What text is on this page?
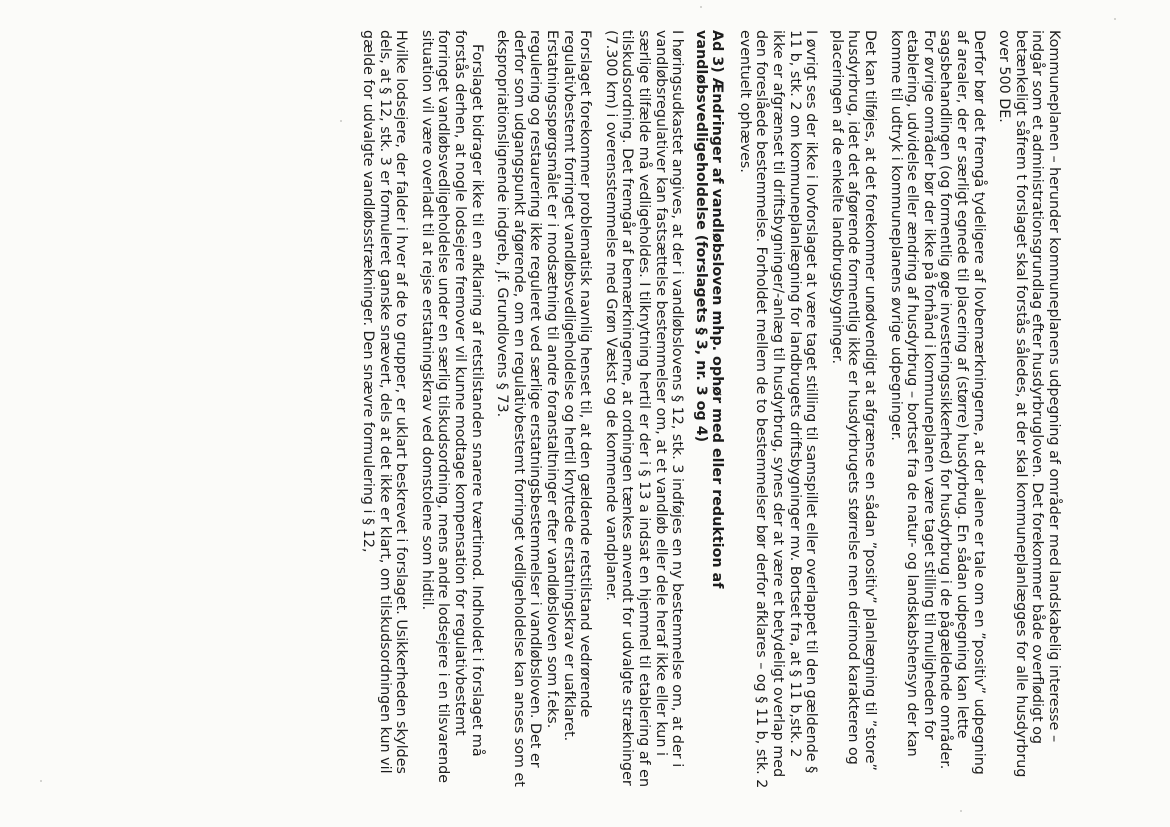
Kommuneplanen – herunder kommuneplanens udpegning af områder med landskabelig interesse – indgår som et administrationsgrundlag efter husdyrbrugloven. Det forekommer både overflødigt og betænkeligt såfrem t forslaget skal forstås således, at der skal kommuneplanlægges for alle husdyrbrug over 500 DE.

Derfor bør det fremgå tydeligere af lovbemærkningerne, at der alene er tale om en ”positiv” udpegning af arealer, der er særligt egnede til placering af (større) husdyrbrug. En sådan udpegning kan lette sagsbehandlingen (og formentlig øge investeringssikkerhed) for husdyrbrug i de pågældende områder. For øvrige områder bør der ikke på forhånd i kommuneplanen være taget stilling til muligheden for etablering, udvidelse eller ændring af husdyrbrug – bortset fra de natur- og landskabshensyn der kan komme til udtryk i kommuneplanens øvrige udpegninger.

Det kan tilføjes, at det forekommer unødvendigt at afgrænse en sådan ”positiv” planlægning til ”store” husdyrbrug, idet det afgørende formentlig ikke er husdyrbrugets størrelse men derimod karakteren og placeringen af de enkelte landbrugsbygninger.

I øvrigt ses der ikke i lovforslaget at være taget stilling til samspillet eller overlappet til den gældende § 11 b, stk. 2 om kommuneplanlægning for landbrugets driftsbygninger mv. Bortset fra, at § 11 b,stk. 2 ikke er afgrænset til driftsbygninger/-anlæg til husdyrbrug, synes der at være et betydeligt overlap med den foreslåede bestemmelse. Forholdet mellem de to bestemmelser bør derfor afklares – og § 11 b, stk. 2 eventuelt ophæves.

Ad 3) Ændringer af vandløbsloven mhp. ophør med eller reduktion af vandløbsvedligeholdelse (forslagets § 3, nr. 3 og 4)

I høringsudkastet angives, at der i vandløbslovens § 12, stk. 3 indføjes en ny bestemmelse om, at der i vandløbsregulativer kan fastsættelse bestemmelser om, at et vandløb eller dele heraf ikke eller kun i særlige tilfælde må vedligeholdes. I tilknytning hertil er der i § 13 a indsat en hjemmel til etablering af en tilskudsordning. Det fremgår af bemærkningerne, at ordningen tænkes anvendt for udvalgte strækninger (7.300 km) i overensstemmelse med Grøn Vækst og de kommende vandplaner.

Forslaget forekommer problematisk navnlig henset til, at den gældende retstilstand vedrørende regulativbestemt forringet vandløbsvedligeholdelse og hertil knyttede erstatningskrav er uafklaret. Erstatningsspørgsmålet er i modsætning til andre foranstaltninger efter vandløbsloven som f.eks. regulering og restaurering ikke reguleret ved særlige erstatningsbestemmelser i vandløbsloven. Det er derfor som udgangspunkt afgørende, om en regulativbestemt forringet vedligeholdelse kan anses som et ekspropriationslignende indgreb, jf. Grundlovens § 73.

Forslaget bidrager ikke til en afklaring af retstilstanden snarere tværtimod. Indholdet i forslaget må forstås derhen, at nogle lodsejere fremover vil kunne modtage kompensation for regulativbestemt forringet vandløbsvedligeholdelse under en særlig tilskudsordning, mens andre lodsejere i en tilsvarende situation vil være overladt til at rejse erstatningskrav ved domstolene som hidtil.

Hvilke lodsejere, der falder i hver af de to grupper, er uklart beskrevet i forslaget. Usikkerheden skyldes dels, at § 12, stk. 3 er formuleret ganske snævert, dels at det ikke er klart, om tilskudsordningen kun vil gælde for udvalgte vandløbsstrækninger. Den snævre formulering i § 12,
